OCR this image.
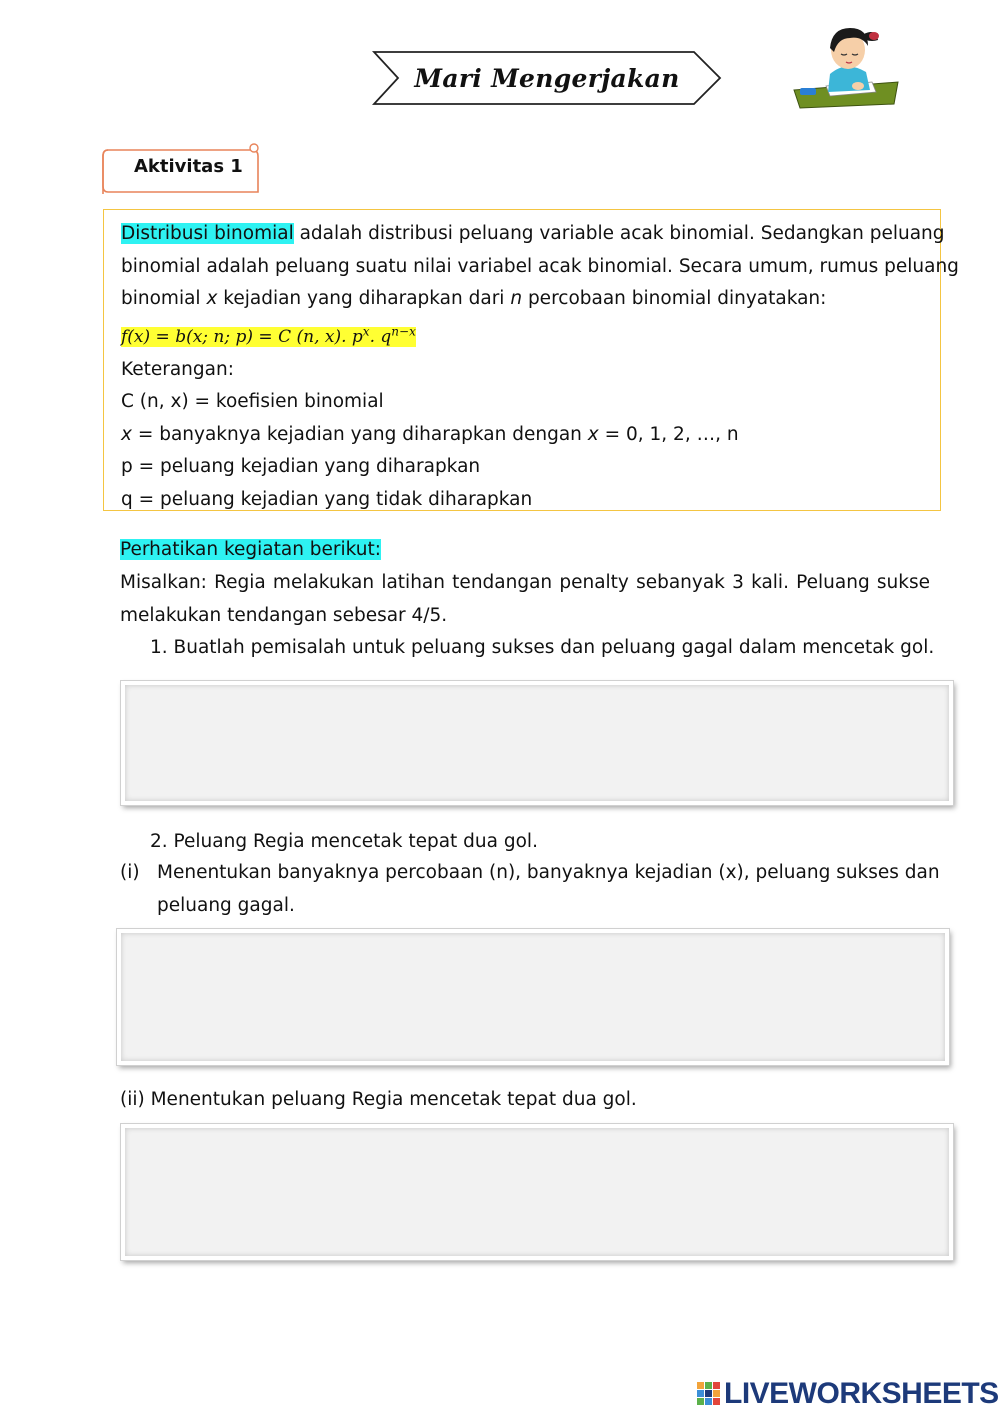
Mari Mengerjakan
Aktivitas 1

Distribusi binomial adalah distribusi peluang variable acak binomial. Sedangkan peluang

binomial adalah peluang suatu nilai variabel acak binomial. Secara umum, rumus peluang

binomial x kejadian yang diharapkan dari n percobaan binomial dinyatakan:

f(x) = b(x; n; p) = C (n, x). $p^x$. $q^{n-x}$

Keterangan:

C (n, x) = koefisien binomial

x = banyaknya kejadian yang diharapkan dengan x = 0, 1, 2, …, n

p = peluang kejadian yang diharapkan

q = peluang kejadian yang tidak diharapkan

Perhatikan kegiatan berikut:

Misalkan: Regia melakukan latihan tendangan penalty sebanyak 3 kali. Peluang sukse

melakukan tendangan sebesar 4/5.

1. Buatlah pemisalah untuk peluang sukses dan peluang gagal dalam mencetak gol.
2. Peluang Regia mencetak tepat dua gol.
(i) Menentukan banyaknya percobaan (n), banyaknya kejadian (x), peluang sukses dan

peluang gagal.

(ii) Menentukan peluang Regia mencetak tepat dua gol.
LIVEWORKSHEETS
